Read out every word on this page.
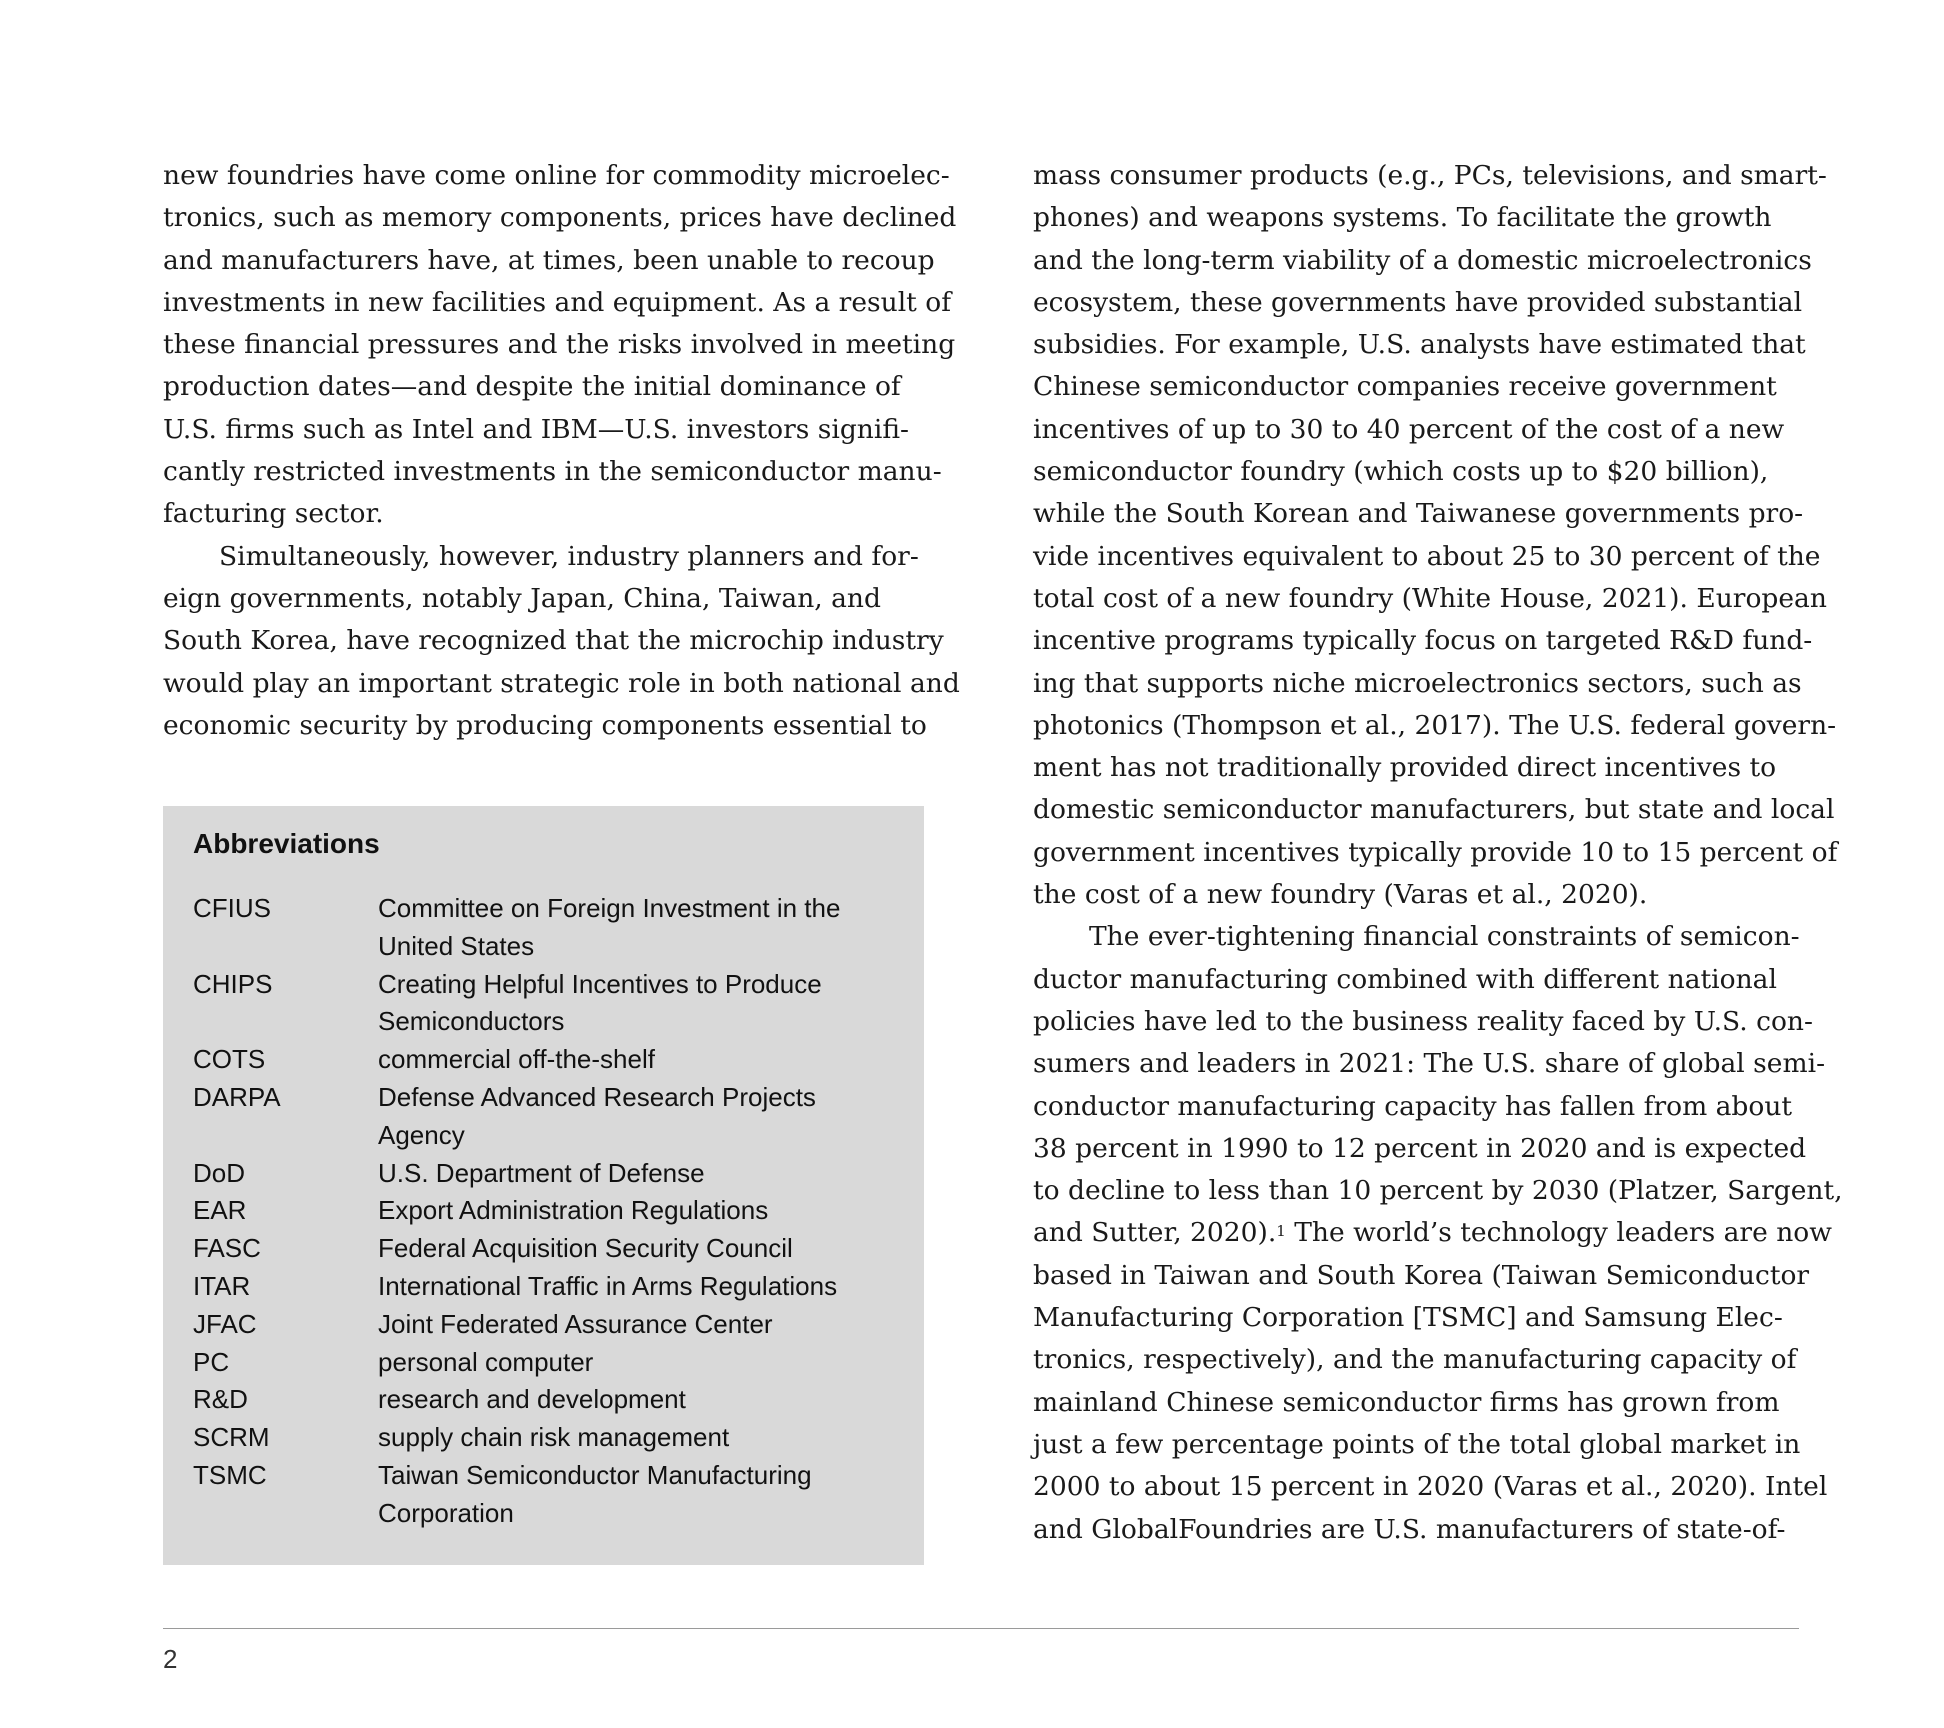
new foundries have come online for commodity microelec-
tronics, such as memory components, prices have declined
and manufacturers have, at times, been unable to recoup
investments in new facilities and equipment. As a result of
these financial pressures and the risks involved in meeting
production dates—and despite the initial dominance of
U.S. firms such as Intel and IBM—U.S. investors signifi-
cantly restricted investments in the semiconductor manu-
facturing sector.
Simultaneously, however, industry planners and for-
eign governments, notably Japan, China, Taiwan, and
South Korea, have recognized that the microchip industry
would play an important strategic role in both national and
economic security by producing components essential to
Abbreviations
CFIUS	Committee on Foreign Investment in the
United States
CHIPS	Creating Helpful Incentives to Produce
Semiconductors
COTS	commercial off-the-shelf
DARPA	Defense Advanced Research Projects
Agency
DoD	U.S. Department of Defense
EAR	Export Administration Regulations
FASC	Federal Acquisition Security Council
ITAR	International Traffic in Arms Regulations
JFAC	Joint Federated Assurance Center
PC	personal computer
R&D	research and development
SCRM	supply chain risk management
TSMC	Taiwan Semiconductor Manufacturing
Corporation
mass consumer products (e.g., PCs, televisions, and smart-
phones) and weapons systems. To facilitate the growth
and the long-term viability of a domestic microelectronics
ecosystem, these governments have provided substantial
subsidies. For example, U.S. analysts have estimated that
Chinese semiconductor companies receive government
incentives of up to 30 to 40 percent of the cost of a new
semiconductor foundry (which costs up to $20 billion),
while the South Korean and Taiwanese governments pro-
vide incentives equivalent to about 25 to 30 percent of the
total cost of a new foundry (White House, 2021). European
incentive programs typically focus on targeted R&D fund-
ing that supports niche microelectronics sectors, such as
photonics (Thompson et al., 2017). The U.S. federal govern-
ment has not traditionally provided direct incentives to
domestic semiconductor manufacturers, but state and local
government incentives typically provide 10 to 15 percent of
the cost of a new foundry (Varas et al., 2020).
The ever-tightening financial constraints of semicon-
ductor manufacturing combined with different national
policies have led to the business reality faced by U.S. con-
sumers and leaders in 2021: The U.S. share of global semi-
conductor manufacturing capacity has fallen from about
38 percent in 1990 to 12 percent in 2020 and is expected
to decline to less than 10 percent by 2030 (Platzer, Sargent,
and Sutter, 2020).$^1$ The world’s technology leaders are now
based in Taiwan and South Korea (Taiwan Semiconductor
Manufacturing Corporation [TSMC] and Samsung Elec-
tronics, respectively), and the manufacturing capacity of
mainland Chinese semiconductor firms has grown from
just a few percentage points of the total global market in
2000 to about 15 percent in 2020 (Varas et al., 2020). Intel
and GlobalFoundries are U.S. manufacturers of state-of-
2
